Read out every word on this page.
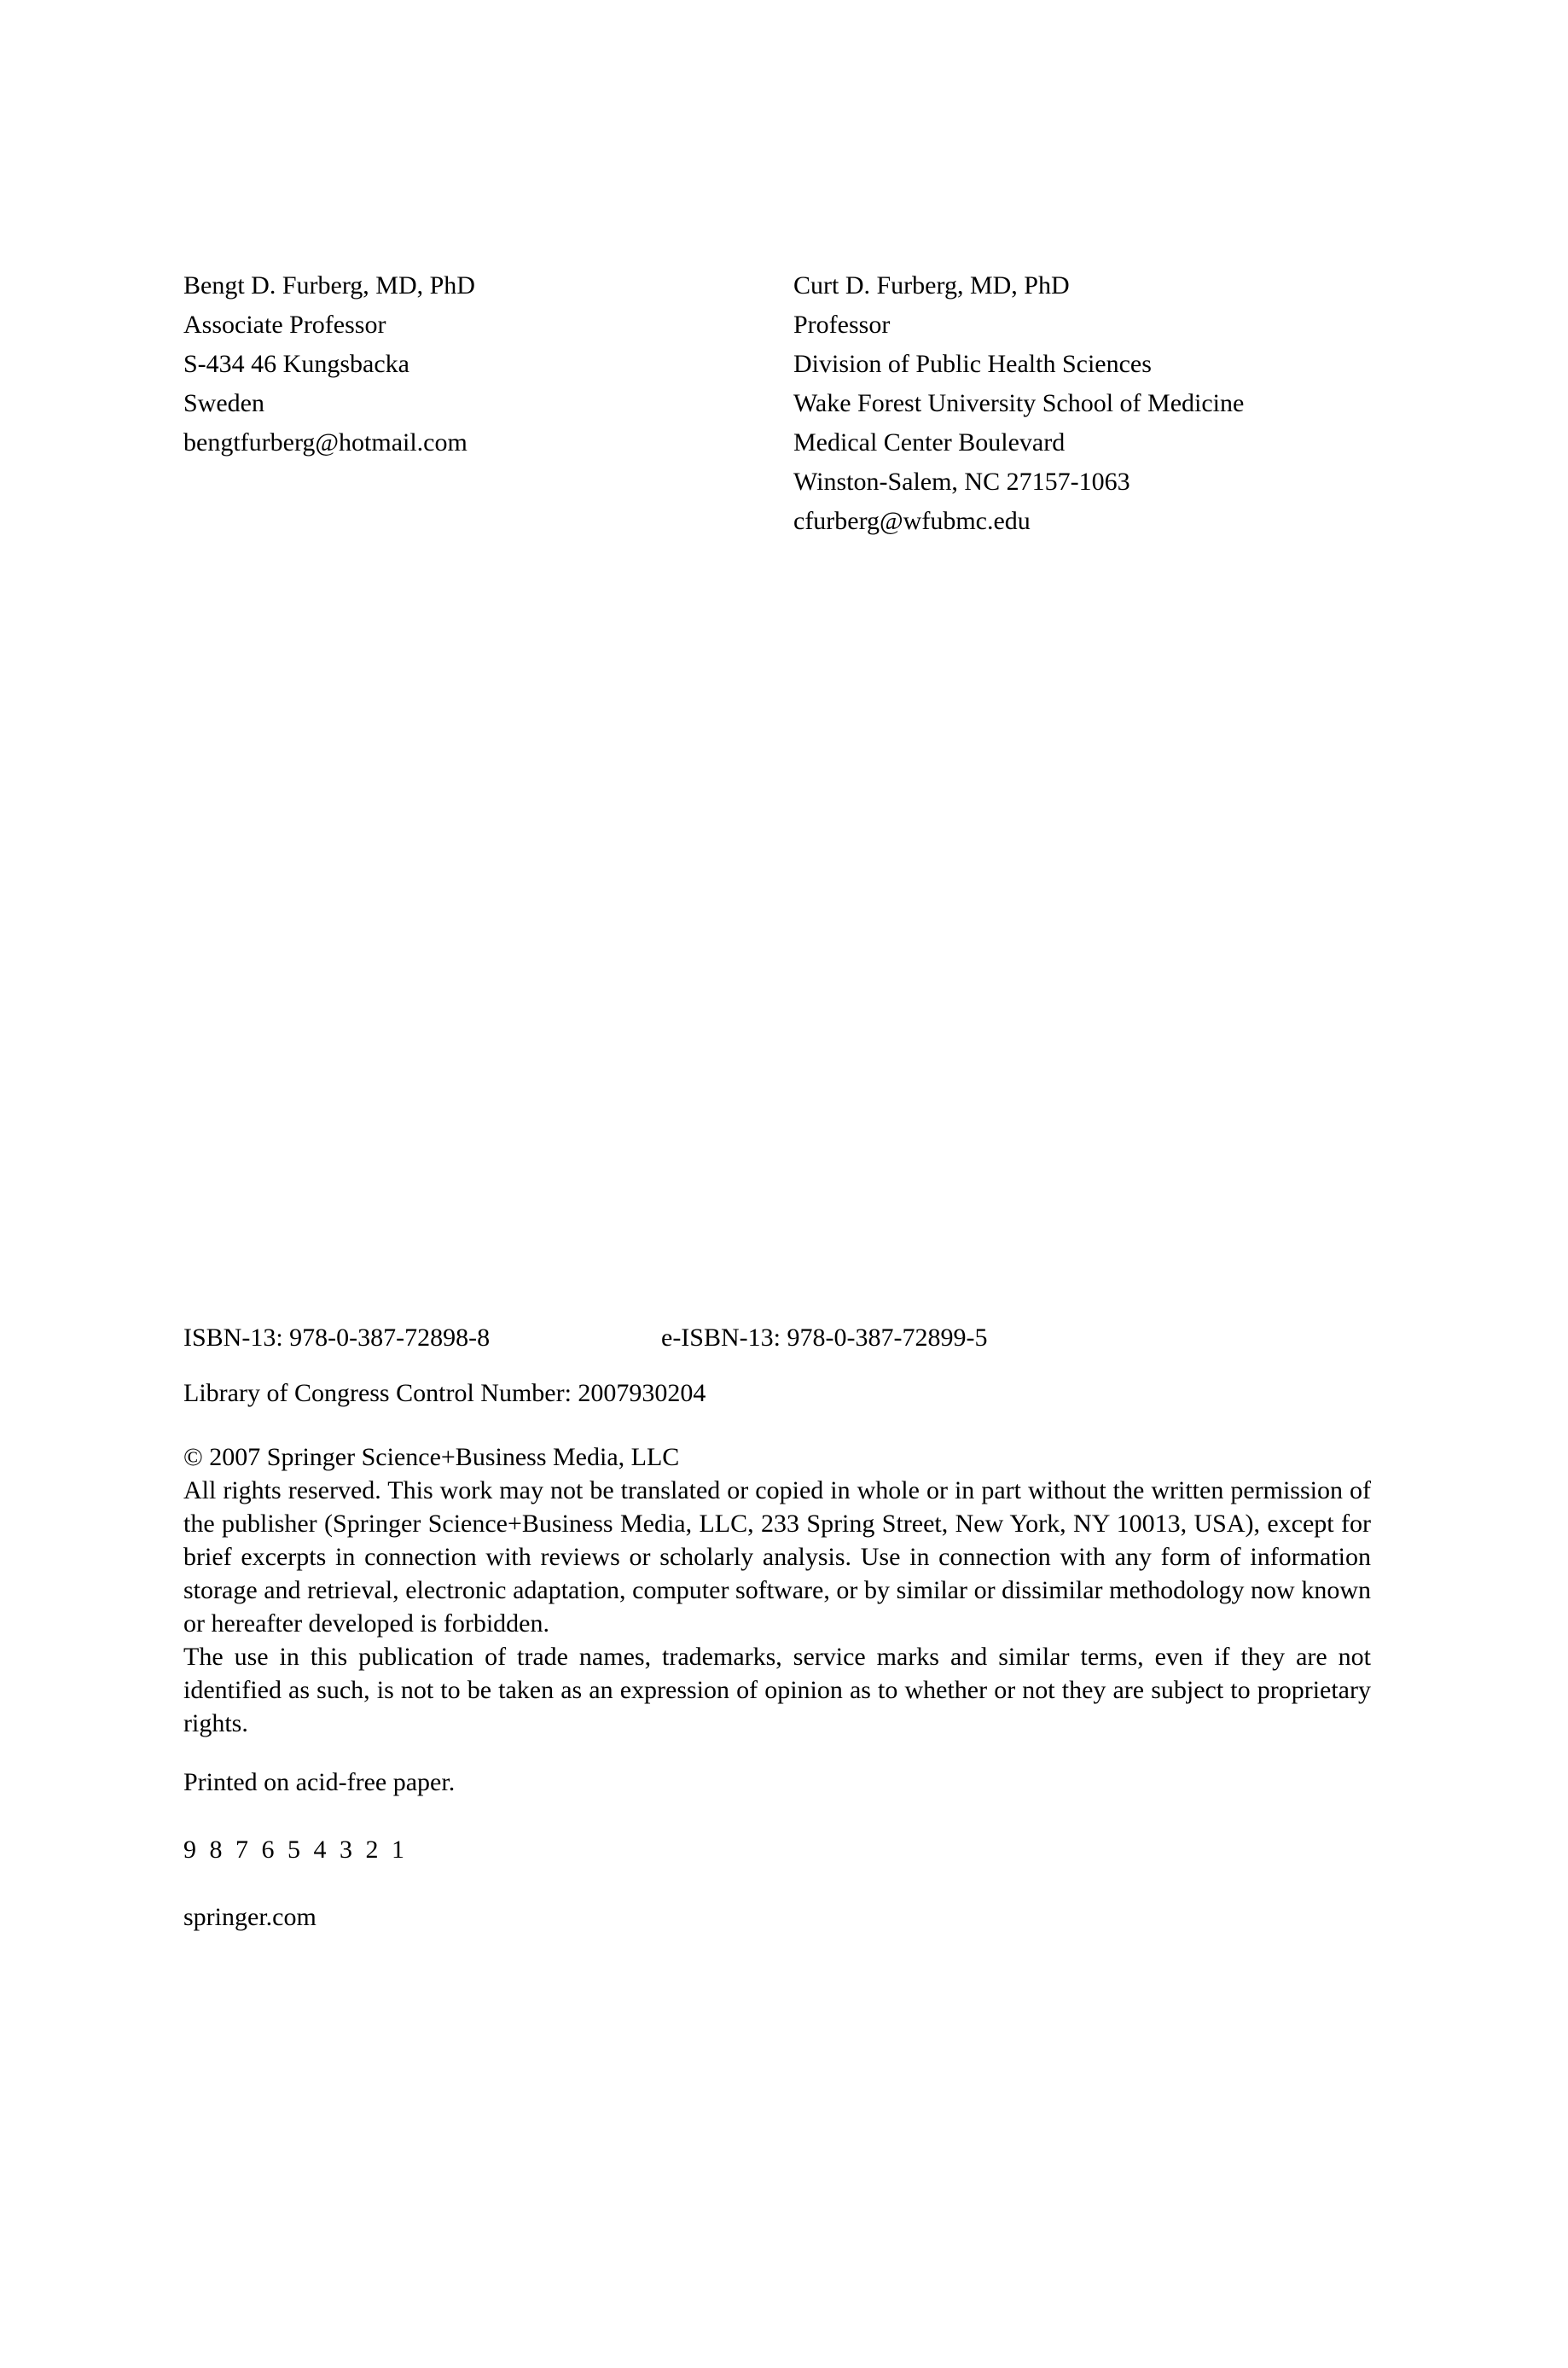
Bengt D. Furberg, MD, PhD
Associate Professor
S-434 46 Kungsbacka
Sweden
bengtfurberg@hotmail.com
Curt D. Furberg, MD, PhD
Professor
Division of Public Health Sciences
Wake Forest University School of Medicine
Medical Center Boulevard
Winston-Salem, NC 27157-1063
cfurberg@wfubmc.edu
ISBN-13: 978-0-387-72898-8	e-ISBN-13: 978-0-387-72899-5
Library of Congress Control Number: 2007930204

© 2007 Springer Science+Business Media, LLC

All rights reserved. This work may not be translated or copied in whole or in part without the written permission of the publisher (Springer Science+Business Media, LLC, 233 Spring Street, New York, NY 10013, USA), except for brief excerpts in connection with reviews or scholarly analysis. Use in connection with any form of information storage and retrieval, electronic adaptation, computer software, or by similar or dissimilar methodology now known or hereafter developed is forbidden.

The use in this publication of trade names, trademarks, service marks and similar terms, even if they are not identified as such, is not to be taken as an expression of opinion as to whether or not they are subject to proprietary rights.

Printed on acid-free paper.
9 8 7 6 5 4 3 2 1
springer.com
